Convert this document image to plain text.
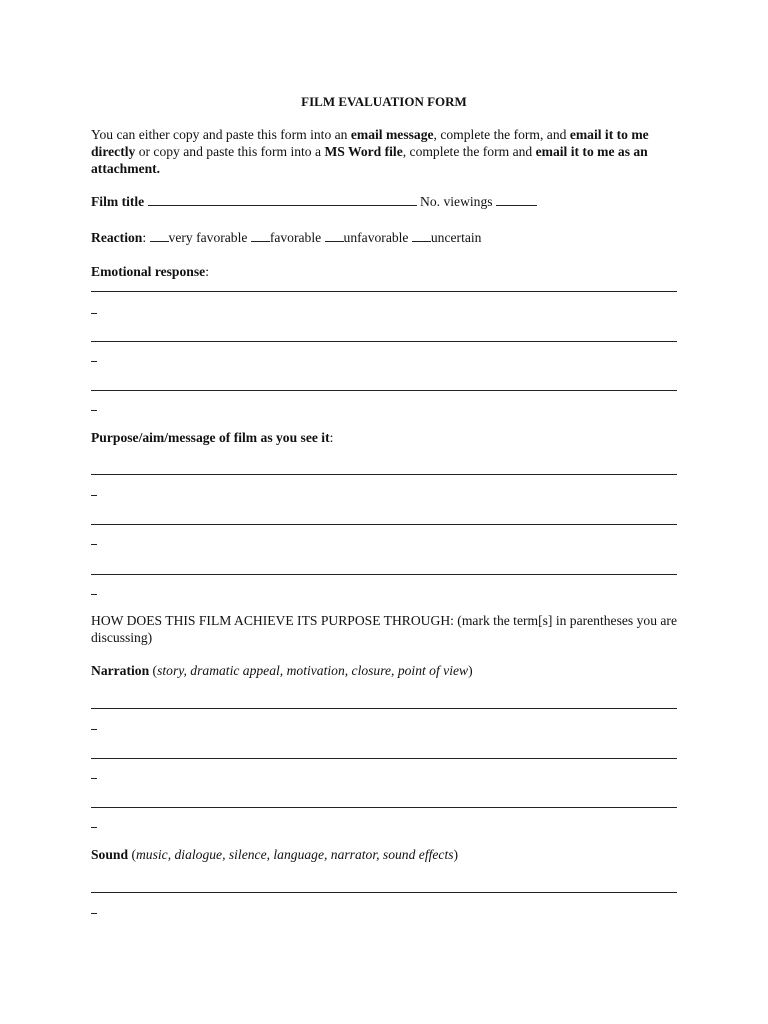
FILM EVALUATION FORM
You can either copy and paste this form into an email message, complete the form, and email it to me directly or copy and paste this form into a MS Word file, complete the form and email it to me as an attachment.
Film title	No. viewings
Reaction: very favorable favorable unfavorable uncertain
Emotional response:
Purpose/aim/message of film as you see it:
HOW DOES THIS FILM ACHIEVE ITS PURPOSE THROUGH: (mark the term[s] in parentheses you are discussing)
Narration (story, dramatic appeal, motivation, closure, point of view)
Sound (music, dialogue, silence, language, narrator, sound effects)
